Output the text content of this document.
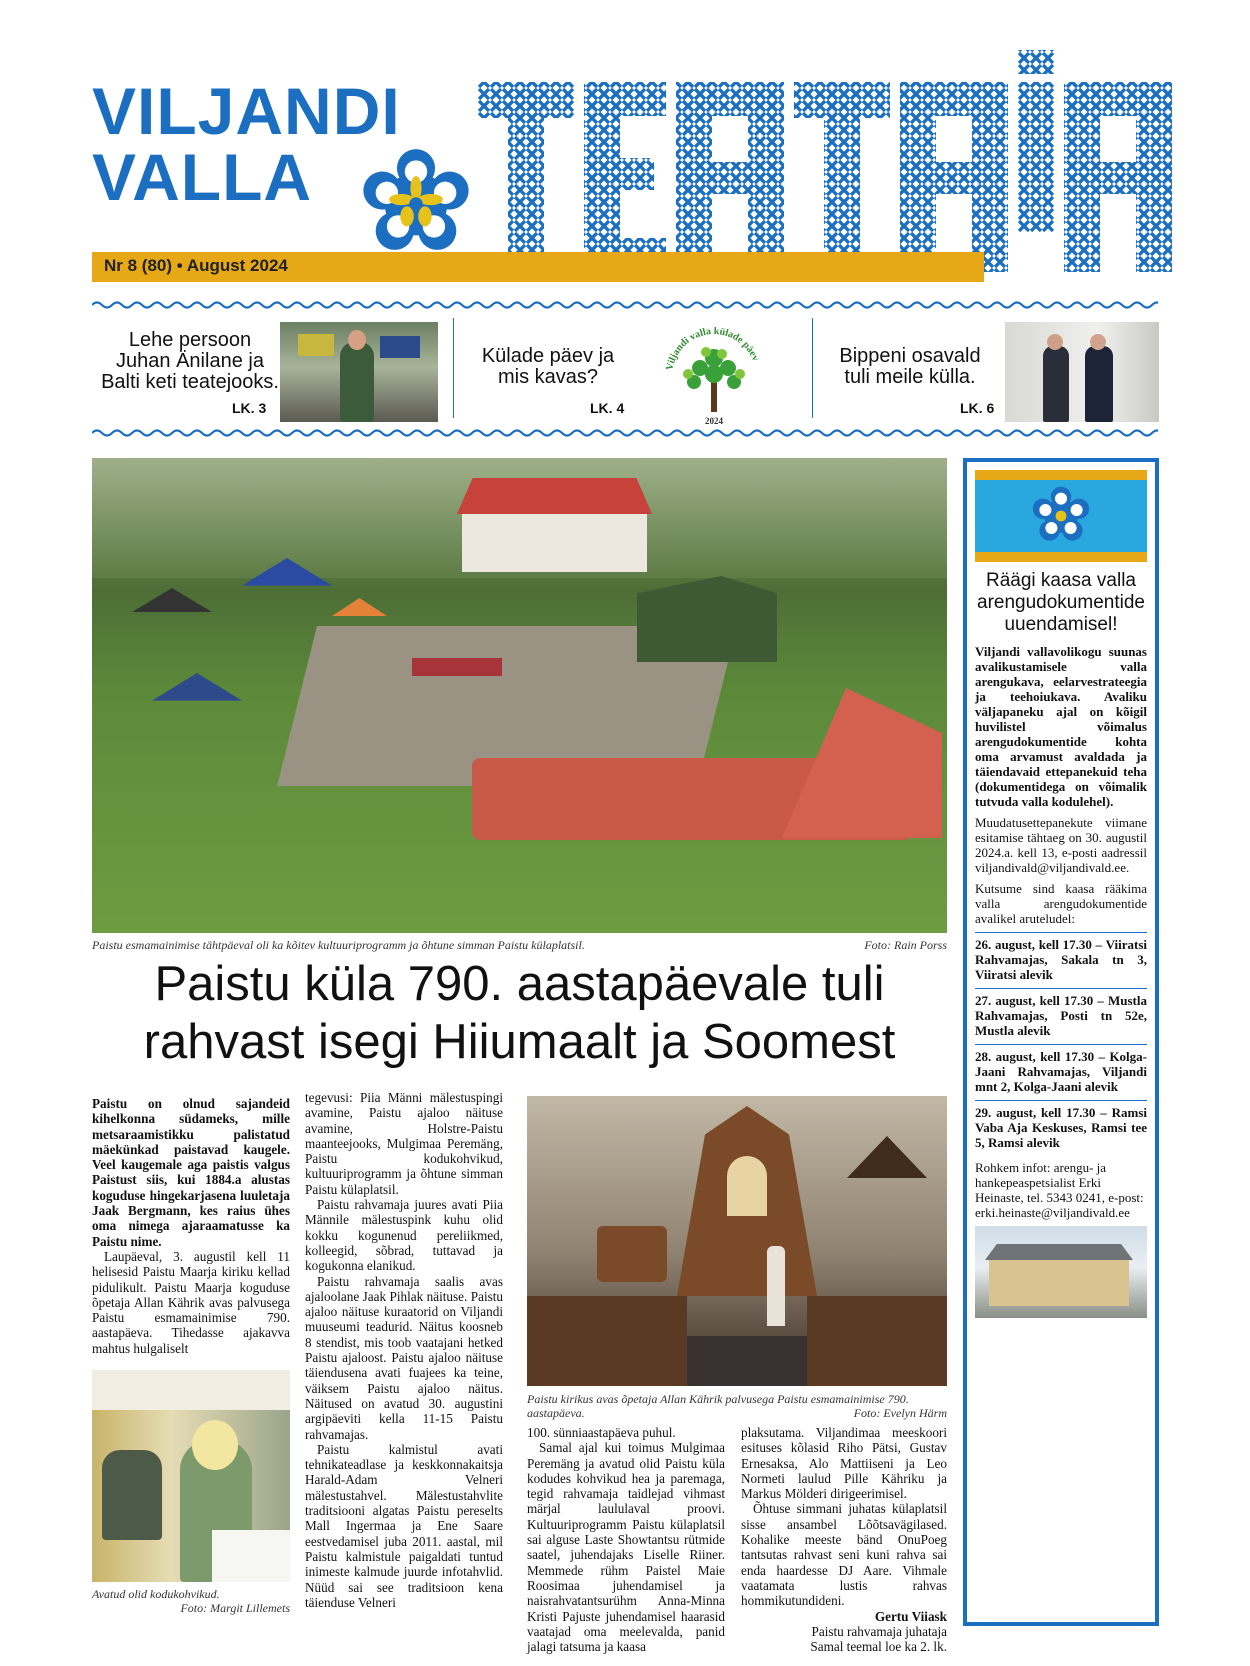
VILJANDI
VALLA
TEATAJA
Nr 8 (80) • August 2024
Lehe persoon Juhan Änilane ja Balti keti teatejooks.
LK. 3
Külade päev ja mis kavas?
LK. 4
Viljandi valla külade päev
2024
Bippeni osavald tuli meile külla.
LK. 6
Paistu esmamainimise tähtpäeval oli ka kõitev kultuuriprogramm ja õhtune simman Paistu külaplatsil.	Foto: Rain Porss
Paistu küla 790. aastapäevale tuli rahvast isegi Hiiumaalt ja Soomest

Paistu on olnud sajandeid kihelkonna südameks, mille metsaraamistikku palistatud mäekünkad paistavad kaugele. Veel kaugemale aga paistis valgus Paistust siis, kui 1884.a alustas koguduse hingekarjasena luuletaja Jaak Bergmann, kes raius ühes oma nimega ajaraamatusse ka Paistu nime.

Laupäeval, 3. augustil kell 11 helisesid Paistu Maarja kiriku kellad pidulikult. Paistu Maarja koguduse õpetaja Allan Kährik avas palvusega Paistu esmamainimise 790. aastapäeva. Tihedasse ajakavva mahtus hulgaliselt

Avatud olid kodukohvikud.
Foto: Margit Lillemets

tegevusi: Piia Männi mälestuspingi avamine, Paistu ajaloo näituse avamine, Holstre-Paistu maanteejooks, Mulgimaa Peremäng, Paistu kodukohvikud, kultuuriprogramm ja õhtune simman Paistu külaplatsil.

Paistu rahvamaja juures avati Piia Männile mälestuspink kuhu olid kokku kogunenud pereliikmed, kolleegid, sõbrad, tuttavad ja kogukonna elanikud.

Paistu rahvamaja saalis avas ajaloolane Jaak Pihlak näituse. Paistu ajaloo näituse kuraatorid on Viljandi muuseumi teadurid. Näitus koosneb 8 stendist, mis toob vaatajani hetked Paistu ajaloost. Paistu ajaloo näituse täiendusena avati fuajees ka teine, väiksem Paistu ajaloo näitus. Näitused on avatud 30. augustini argipäeviti kella 11-15 Paistu rahvamajas.

Paistu kalmistul avati tehnikateadlase ja keskkonnakaitsja Harald-Adam Velneri mälestustahvel. Mälestustahvlite traditsiooni algatas Paistu pereselts Mall Ingermaa ja Ene Saare eestvedamisel juba 2011. aastal, mil Paistu kalmistule paigaldati tuntud inimeste kalmude juurde infotahvlid. Nüüd sai see traditsioon kena täienduse Velneri

Paistu kirikus avas õpetaja Allan Kährik palvusega Paistu esmamainimise 790. aastapäeva.	Foto: Evelyn Härm

100. sünniaastapäeva puhul.

Samal ajal kui toimus Mulgimaa Peremäng ja avatud olid Paistu küla kodudes kohvikud hea ja paremaga, tegid rahvamaja taidlejad vihmast märjal laululaval proovi. Kultuuriprogramm Paistu külaplatsil sai alguse Laste Showtantsu rütmide saatel, juhendajaks Liselle Riiner. Memmede rühm Paistel Maie Roosimaa juhendamisel ja naisrahvatantsurühm Anna-Minna Kristi Pajuste juhendamisel haarasid vaatajad oma meelevalda, panid jalagi tatsuma ja kaasa

plaksutama. Viljandimaa meeskoori esituses kõlasid Riho Pätsi, Gustav Ernesaksa, Alo Mattiiseni ja Leo Normeti laulud Pille Kähriku ja Markus Mölderi dirigeerimisel.

Õhtuse simmani juhatas külaplatsil sisse ansambel Lõõtsavägilased. Kohalike meeste bänd OnuPoeg tantsutas rahvast seni kuni rahva sai enda haardesse DJ Aare. Vihmale vaatamata lustis rahvas hommikutundideni.

Gertu Viiask

Paistu rahvamaja juhataja

Samal teemal loe ka 2. lk.

Räägi kaasa valla arengudokumentide uuendamisel!

Viljandi vallavolikogu suunas avalikustamisele valla arengukava, eelarvestrateegia ja teehoiukava. Avaliku väljapaneku ajal on kõigil huvilistel võimalus arengudokumentide kohta oma arvamust avaldada ja täiendavaid ettepanekuid teha (dokumentidega on võimalik tutvuda valla kodulehel).

Muudatusettepanekute viimane esitamise tähtaeg on 30. augustil 2024.a. kell 13, e-posti aadressil viljandivald@viljandivald.ee.

Kutsume sind kaasa rääkima valla arengudokumentide avalikel aruteludel:

26. august, kell 17.30 – Viiratsi Rahvamajas, Sakala tn 3, Viiratsi alevik

27. august, kell 17.30 – Mustla Rahvamajas, Posti tn 52e, Mustla alevik

28. august, kell 17.30 – Kolga-Jaani Rahvamajas, Viljandi mnt 2, Kolga-Jaani alevik

29. august, kell 17.30 – Ramsi Vaba Aja Keskuses, Ramsi tee 5, Ramsi alevik

Rohkem infot: arengu- ja hankepeaspetsialist Erki Heinaste, tel. 5343 0241, e-post: erki.heinaste@viljandivald.ee
